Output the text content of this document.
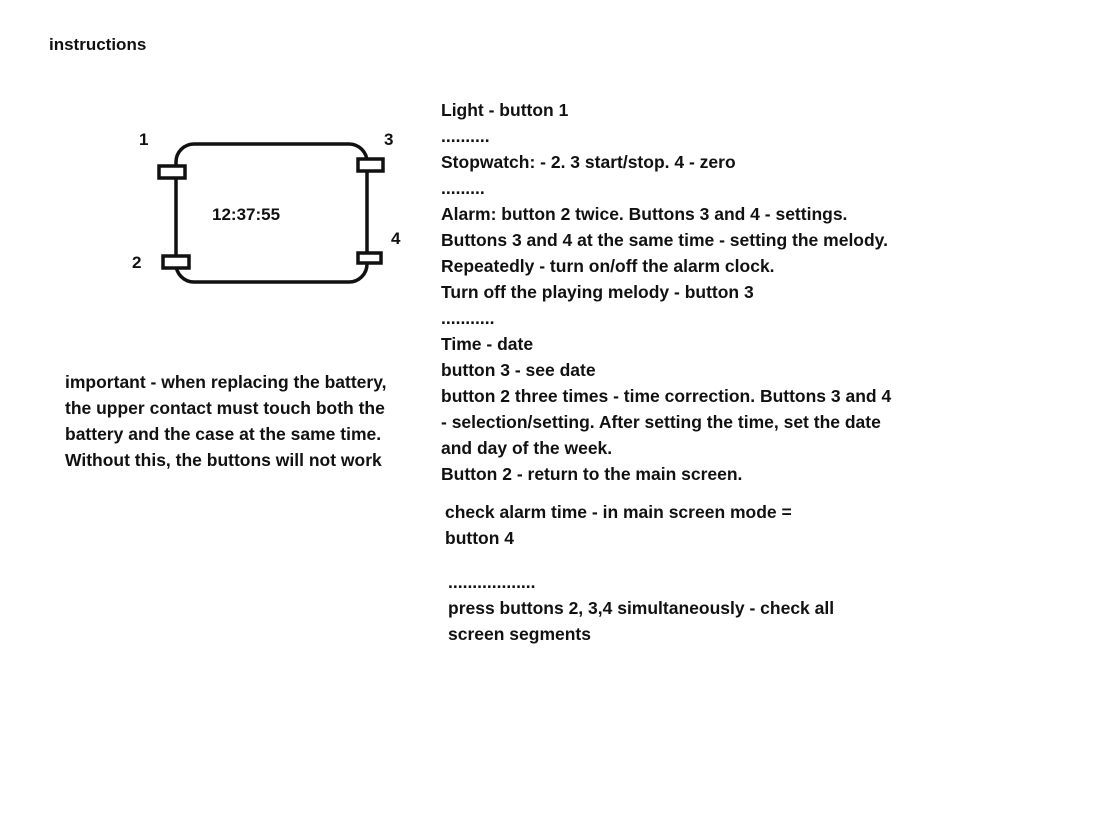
instructions
1
2
3
4
12:37:55
important - when replacing the battery,
the upper contact must touch both the
battery and the case at the same time.
Without this, the buttons will not work
Light - button 1
..........
Stopwatch: - 2. 3 start/stop. 4 - zero
.........
Alarm: button 2 twice. Buttons 3 and 4 - settings.
Buttons 3 and 4 at the same time - setting the melody.
Repeatedly - turn on/off the alarm clock.
Turn off the playing melody - button 3
...........
Time - date
button 3 - see date
button 2 three times - time correction. Buttons 3 and 4
- selection/setting. After setting the time, set the date
and day of the week.
Button 2 - return to the main screen.
check alarm time - in main screen mode =
button 4
..................
press buttons 2, 3,4 simultaneously - check all
screen segments
